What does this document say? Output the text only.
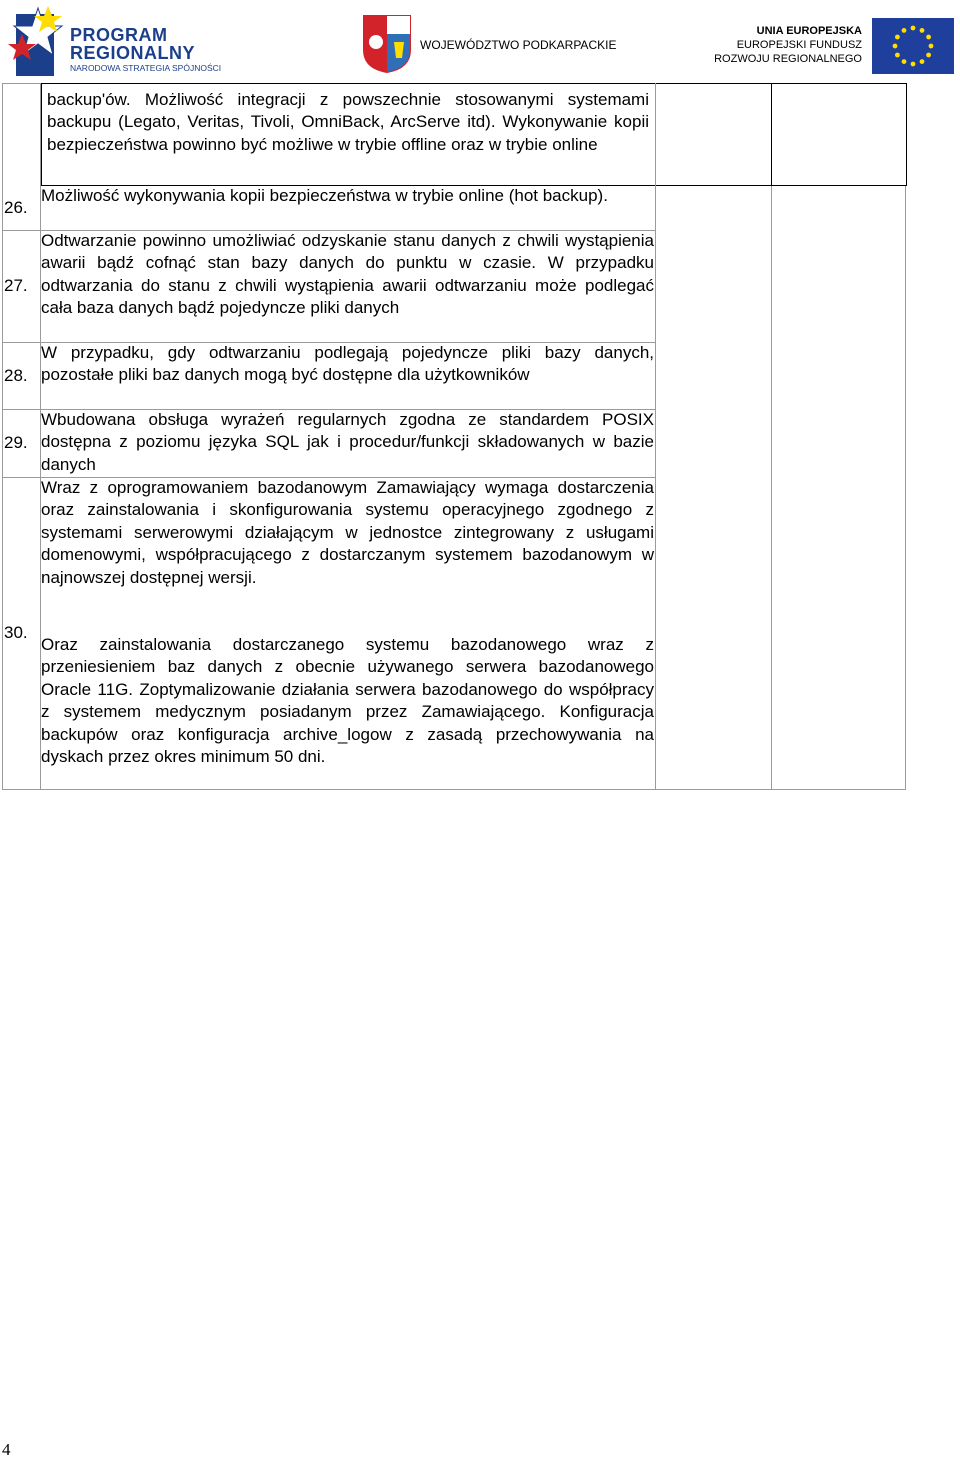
PROGRAM
REGIONALNY
NARODOWA STRATEGIA SPÓJNOŚCI
WOJEWÓDZTWO PODKARPACKIE
UNIA EUROPEJSKA
EUROPEJSKI FUNDUSZ
ROZWOJU REGIONALNEGO
backup'ów. Możliwość integracji z powszechnie stosowanymi systemami backupu (Legato, Veritas, Tivoli, OmniBack, ArcServe itd). Wykonywanie kopii bezpieczeństwa powinno być możliwe w trybie offline oraz w trybie online
26.
Możliwość wykonywania kopii bezpieczeństwa w trybie online (hot backup).
27.
Odtwarzanie powinno umożliwiać odzyskanie stanu danych z chwili wystąpienia awarii bądź cofnąć stan bazy danych do punktu w czasie. W przypadku odtwarzania do stanu z chwili wystąpienia awarii odtwarzaniu może podlegać cała baza danych bądź pojedyncze pliki danych
28.
W przypadku, gdy odtwarzaniu podlegają pojedyncze pliki bazy danych, pozostałe pliki baz danych mogą być dostępne dla użytkowników
29.
Wbudowana obsługa wyrażeń regularnych zgodna ze standardem POSIX dostępna z poziomu języka SQL jak i procedur/funkcji składowanych w bazie danych
30.
Wraz z oprogramowaniem bazodanowym Zamawiający wymaga dostarczenia oraz zainstalowania i skonfigurowania systemu operacyjnego zgodnego z systemami serwerowymi działającym w jednostce zintegrowany z usługami domenowymi, współpracującego z dostarczanym systemem bazodanowym w najnowszej dostępnej wersji.
Oraz zainstalowania dostarczanego systemu bazodanowego wraz z przeniesieniem baz danych z obecnie używanego serwera bazodanowego Oracle 11G. Zoptymalizowanie działania serwera bazodanowego do współpracy z systemem medycznym posiadanym przez Zamawiającego. Konfiguracja backupów oraz konfiguracja archive_logow z zasadą przechowywania na dyskach przez okres minimum 50 dni.
4
